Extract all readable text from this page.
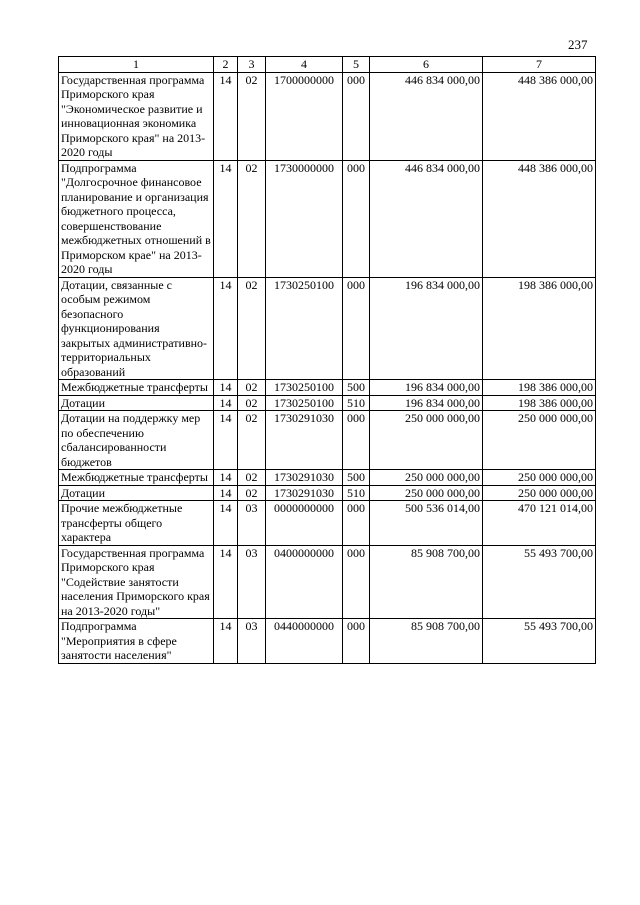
237
1	2	3	4	5	6	7
Государственная программа Приморского края "Экономическое развитие и инновационная экономика Приморского края" на 2013-2020 годы	14	02	1700000000	000	446 834 000,00	448 386 000,00
Подпрограмма "Долгосрочное финансовое планирование и организация бюджетного процесса, совершенствование межбюджетных отношений в Приморском крае" на 2013-2020 годы	14	02	1730000000	000	446 834 000,00	448 386 000,00
Дотации, связанные с особым режимом безопасного функционирования закрытых административно-территориальных образований	14	02	1730250100	000	196 834 000,00	198 386 000,00
Межбюджетные трансферты	14	02	1730250100	500	196 834 000,00	198 386 000,00
Дотации	14	02	1730250100	510	196 834 000,00	198 386 000,00
Дотации на поддержку мер по обеспечению сбалансированности бюджетов	14	02	1730291030	000	250 000 000,00	250 000 000,00
Межбюджетные трансферты	14	02	1730291030	500	250 000 000,00	250 000 000,00
Дотации	14	02	1730291030	510	250 000 000,00	250 000 000,00
Прочие межбюджетные трансферты общего характера	14	03	0000000000	000	500 536 014,00	470 121 014,00
Государственная программа Приморского края "Содействие занятости населения Приморского края на 2013-2020 годы"	14	03	0400000000	000	85 908 700,00	55 493 700,00
Подпрограмма "Мероприятия в сфере занятости населения"	14	03	0440000000	000	85 908 700,00	55 493 700,00
